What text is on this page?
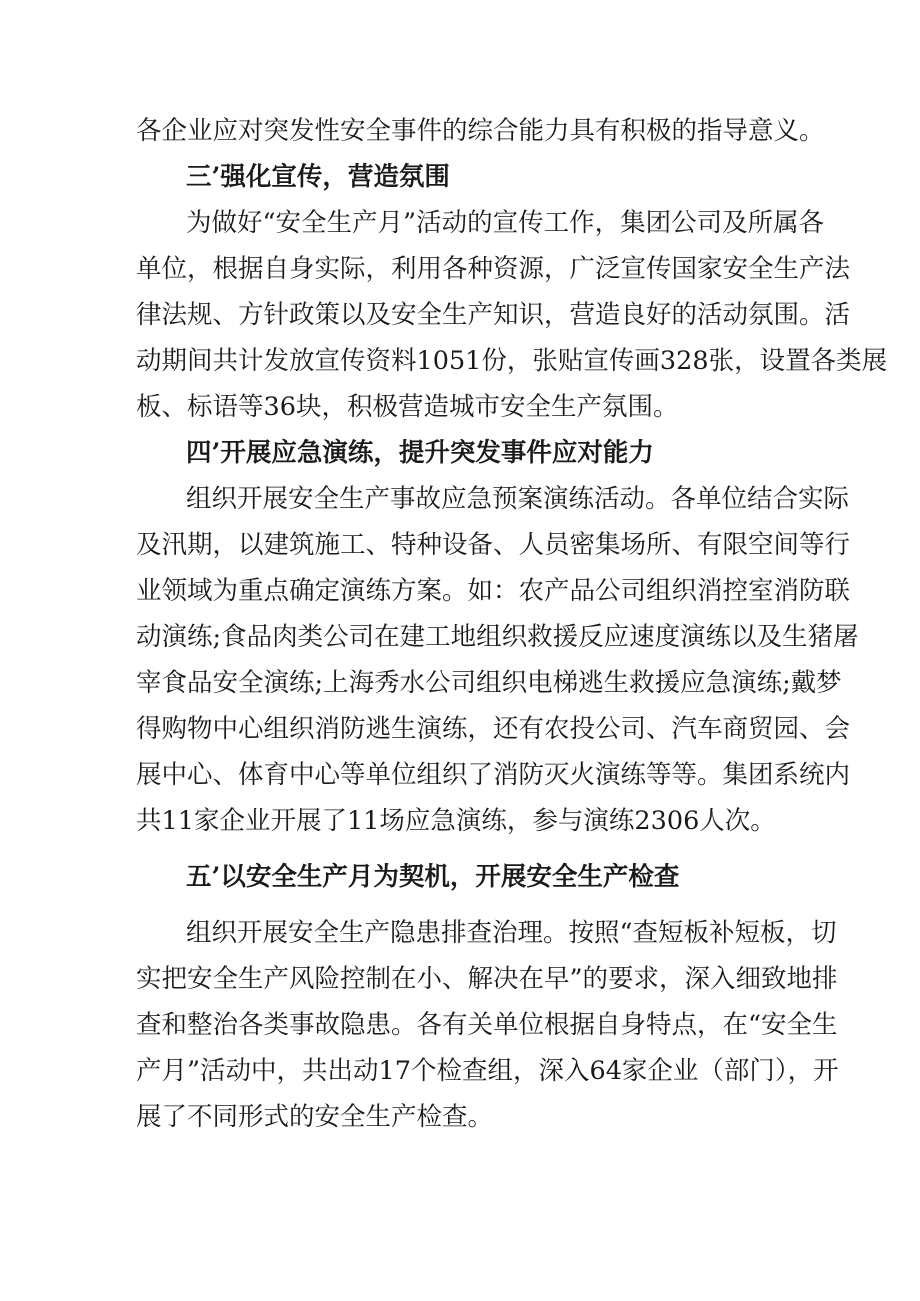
各企业应对突发性安全事件的综合能力具有积极的指导意义。
三’强化宣传，营造氛围
为做好“安全生产月”活动的宣传工作，集团公司及所属各
单位，根据自身实际，利用各种资源，广泛宣传国家安全生产法
律法规、方针政策以及安全生产知识，营造良好的活动氛围。活
动期间共计发放宣传资料1051份，张贴宣传画328张，设置各类展
板、标语等36块，积极营造城市安全生产氛围。
四’开展应急演练，提升突发事件应对能力
组织开展安全生产事故应急预案演练活动。各单位结合实际
及汛期，以建筑施工、特种设备、人员密集场所、有限空间等行
业领域为重点确定演练方案。如：农产品公司组织消控室消防联
动演练;食品肉类公司在建工地组织救援反应速度演练以及生猪屠
宰食品安全演练;上海秀水公司组织电梯逃生救援应急演练;戴梦
得购物中心组织消防逃生演练，还有农投公司、汽车商贸园、会
展中心、体育中心等单位组织了消防灭火演练等等。集团系统内
共11家企业开展了11场应急演练，参与演练2306人次。
五’以安全生产月为契机，开展安全生产检查
组织开展安全生产隐患排查治理。按照“查短板补短板，切
实把安全生产风险控制在小、解决在早”的要求，深入细致地排
查和整治各类事故隐患。各有关单位根据自身特点，在“安全生
产月”活动中，共出动17个检查组，深入64家企业（部门），开
展了不同形式的安全生产检查。
